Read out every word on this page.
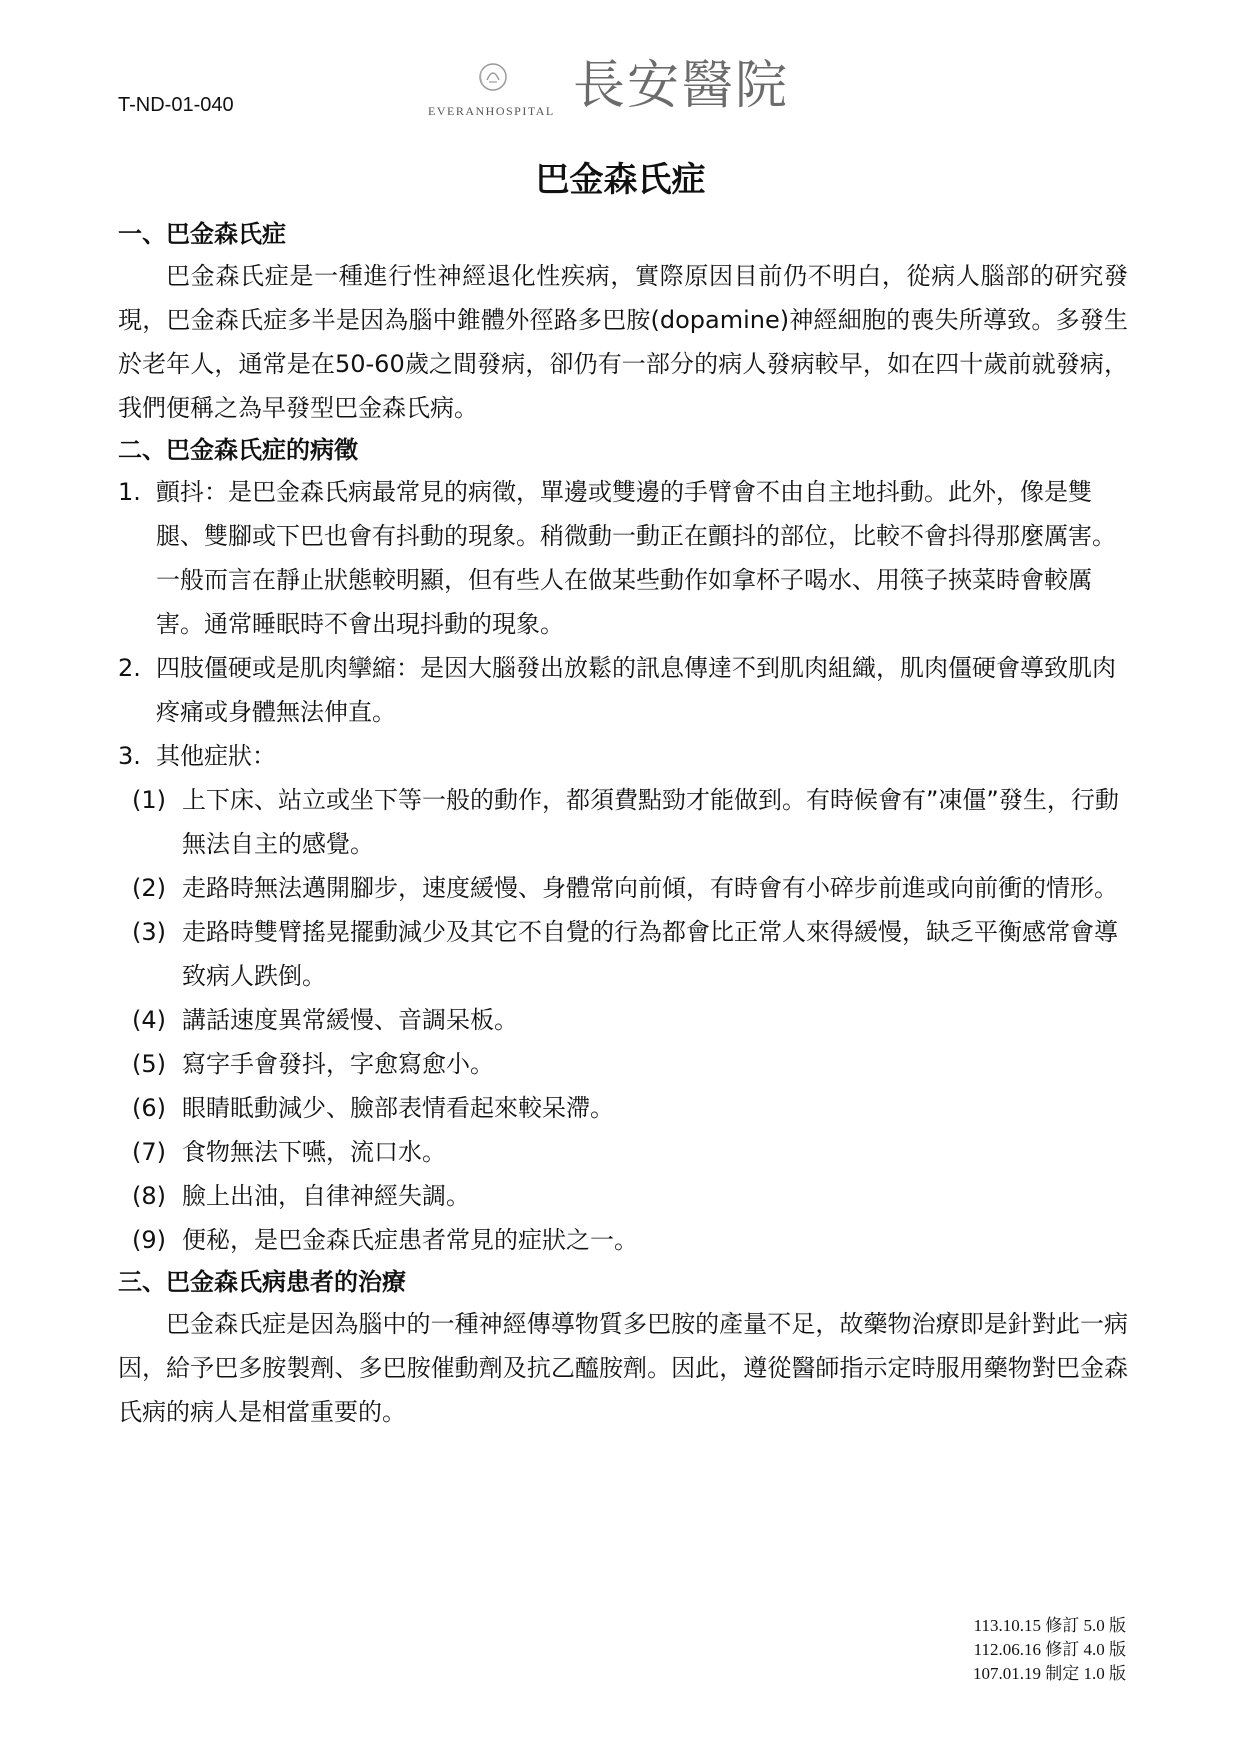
T-ND-01-040	EVERANHOSPITAL 長安醫院
巴金森氏症
一、巴金森氏症

巴金森氏症是一種進行性神經退化性疾病，實際原因目前仍不明白，從病人腦部的研究發現，巴金森氏症多半是因為腦中錐體外徑路多巴胺(dopamine)神經細胞的喪失所導致。多發生於老年人，通常是在50-60歲之間發病，卻仍有一部分的病人發病較早，如在四十歲前就發病，我們便稱之為早發型巴金森氏病。

二、巴金森氏症的病徵
1. 顫抖：是巴金森氏病最常見的病徵，單邊或雙邊的手臂會不由自主地抖動。此外，像是雙腿、雙腳或下巴也會有抖動的現象。稍微動一動正在顫抖的部位，比較不會抖得那麼厲害。一般而言在靜止狀態較明顯，但有些人在做某些動作如拿杯子喝水、用筷子挾菜時會較厲害。通常睡眠時不會出現抖動的現象。
2. 四肢僵硬或是肌肉攣縮：是因大腦發出放鬆的訊息傳達不到肌肉組織，肌肉僵硬會導致肌肉疼痛或身體無法伸直。
3. 其他症狀：
(1) 上下床、站立或坐下等一般的動作，都須費點勁才能做到。有時候會有”凍僵”發生，行動無法自主的感覺。
(2) 走路時無法邁開腳步，速度緩慢、身體常向前傾，有時會有小碎步前進或向前衝的情形。
(3) 走路時雙臂搖晃擺動減少及其它不自覺的行為都會比正常人來得緩慢，缺乏平衡感常會導致病人跌倒。
(4) 講話速度異常緩慢、音調呆板。
(5) 寫字手會發抖，字愈寫愈小。
(6) 眼睛眡動減少、臉部表情看起來較呆滯。
(7) 食物無法下嚥，流口水。
(8) 臉上出油，自律神經失調。
(9) 便秘，是巴金森氏症患者常見的症狀之一。
三、巴金森氏病患者的治療

巴金森氏症是因為腦中的一種神經傳導物質多巴胺的產量不足，故藥物治療即是針對此一病因，給予巴多胺製劑、多巴胺催動劑及抗乙醯胺劑。因此，遵從醫師指示定時服用藥物對巴金森氏病的病人是相當重要的。

113.10.15 修訂 5.0 版
112.06.16 修訂 4.0 版
107.01.19 制定 1.0 版
